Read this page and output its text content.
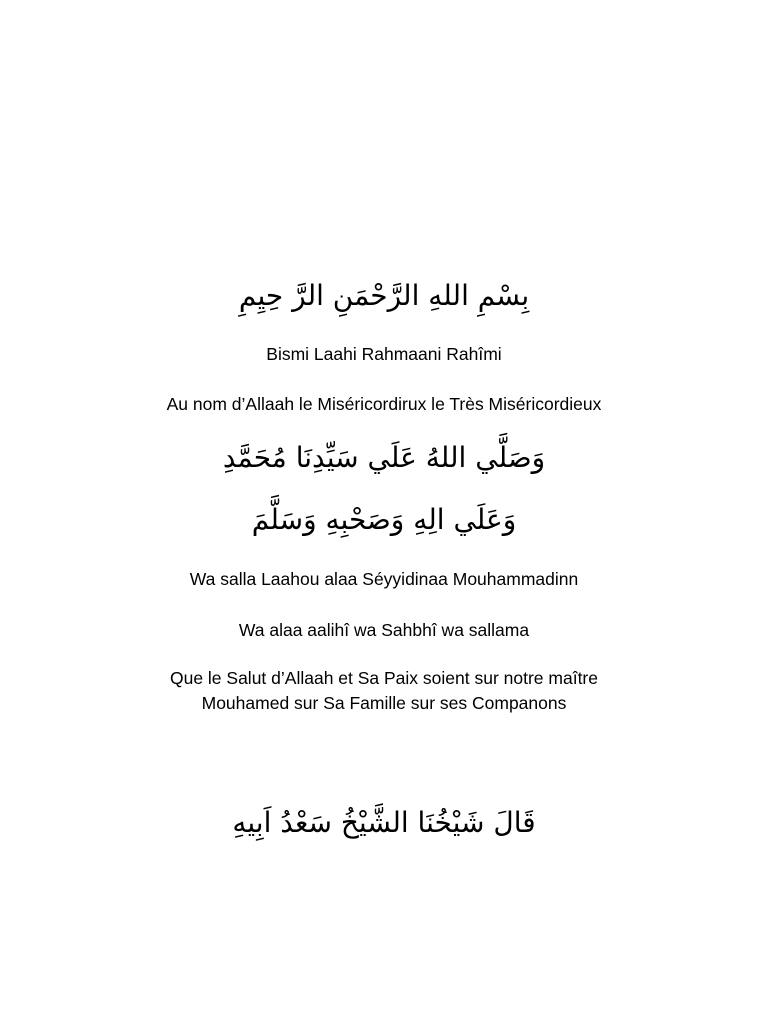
بِسْمِ اللهِ الرَّحْمَنِ الرَّ حِيِمِ
Bismi Laahi Rahmaani Rahîmi
Au nom d’Allaah le Miséricordirux le Très Miséricordieux
وَصَلَّي اللهُ عَلَي سَيِّدِنَا مُحَمَّدِ
وَعَلَي الِهِ وَصَحْبِهِ وَسَلَّمَ
Wa salla Laahou alaa Séyyidinaa Mouhammadinn
Wa alaa aalihî wa Sahbhî wa sallama
Que le Salut d’Allaah et Sa Paix soient sur notre maître
Mouhamed sur Sa Famille sur ses Companons
قَالَ شَيْخُنَا الشَّيْخُ سَعْدُ اَبِيهِ
